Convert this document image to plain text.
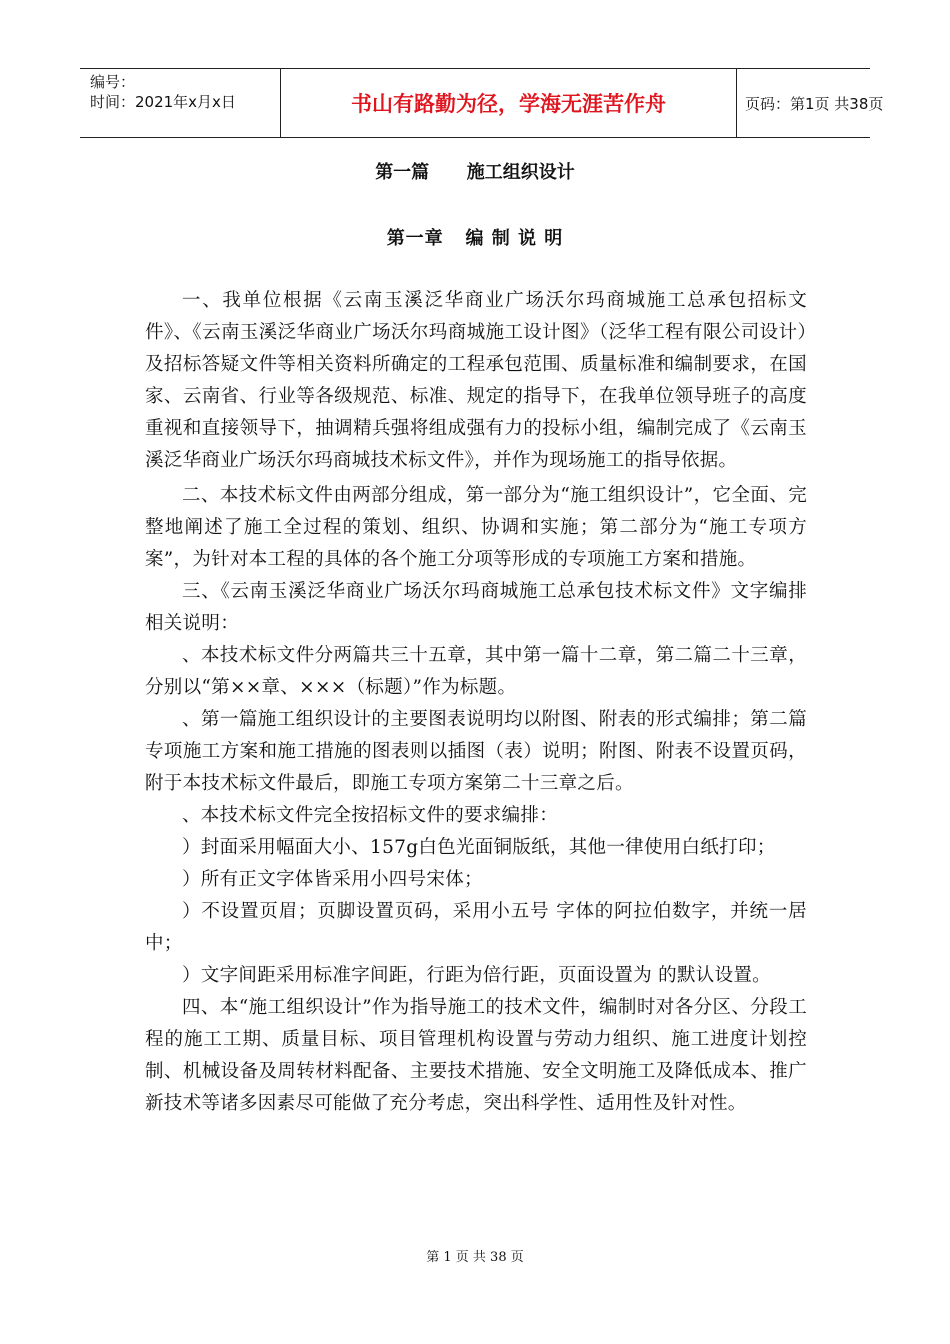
编号：
时间：2021年x月x日	书山有路勤为径，学海无涯苦作舟	页码：第1页 共38页
第一篇      施工组织设计
第一章   编 制 说 明

一、我单位根据《云南玉溪泛华商业广场沃尔玛商城施工总承包招标文件》、《云南玉溪泛华商业广场沃尔玛商城施工设计图》（泛华工程有限公司设计）及招标答疑文件等相关资料所确定的工程承包范围、质量标准和编制要求，在国家、云南省、行业等各级规范、标准、规定的指导下，在我单位领导班子的高度重视和直接领导下，抽调精兵强将组成强有力的投标小组，编制完成了《云南玉溪泛华商业广场沃尔玛商城技术标文件》，并作为现场施工的指导依据。

二、本技术标文件由两部分组成，第一部分为“施工组织设计”，它全面、完整地阐述了施工全过程的策划、组织、协调和实施；第二部分为“施工专项方案”，为针对本工程的具体的各个施工分项等形成的专项施工方案和措施。

三、《云南玉溪泛华商业广场沃尔玛商城施工总承包技术标文件》文字编排相关说明：

、本技术标文件分两篇共三十五章，其中第一篇十二章，第二篇二十三章，分别以“第××章、×××（标题）”作为标题。

、第一篇施工组织设计的主要图表说明均以附图、附表的形式编排；第二篇专项施工方案和施工措施的图表则以插图（表）说明；附图、附表不设置页码，附于本技术标文件最后，即施工专项方案第二十三章之后。

、本技术标文件完全按招标文件的要求编排：

）封面采用幅面大小、157g白色光面铜版纸，其他一律使用白纸打印；

）所有正文字体皆采用小四号宋体；

）不设置页眉；页脚设置页码，采用小五号 字体的阿拉伯数字，并统一居中；

）文字间距采用标准字间距，行距为倍行距，页面设置为 的默认设置。

四、本“施工组织设计”作为指导施工的技术文件，编制时对各分区、分段工程的施工工期、质量目标、项目管理机构设置与劳动力组织、施工进度计划控制、机械设备及周转材料配备、主要技术措施、安全文明施工及降低成本、推广新技术等诸多因素尽可能做了充分考虑，突出科学性、适用性及针对性。

第 1 页 共 38 页
